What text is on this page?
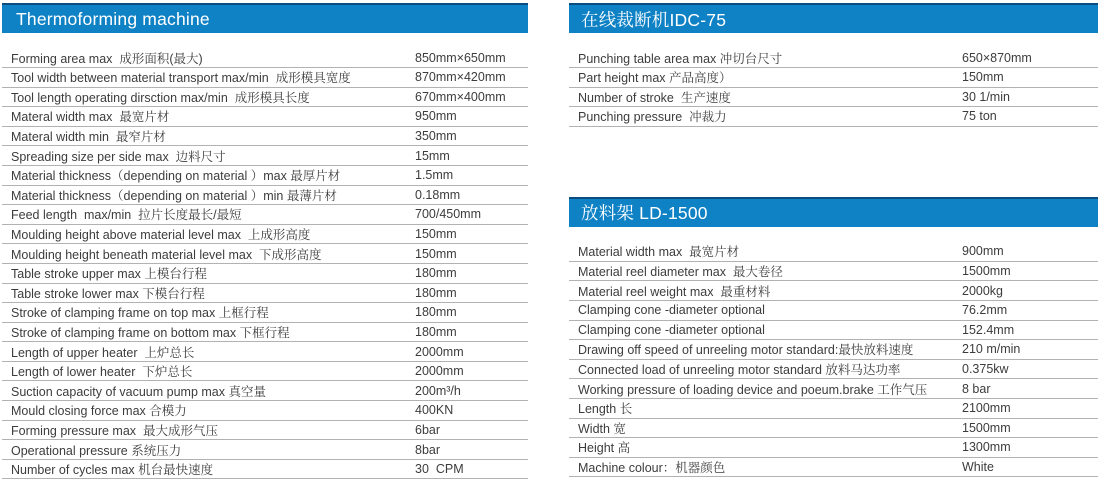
Thermoforming machine
Forming area max  成形面积(最大)	850mm×650mm
Tool width between material transport max/min  成形模具宽度	870mm×420mm
Tool length operating dirsction max/min  成形模具长度	670mm×400mm
Materal width max  最宽片材	950mm
Materal width min  最窄片材	350mm
Spreading size per side max  边料尺寸	15mm
Material thickness（depending on material ）max 最厚片材	1.5mm
Material thickness（depending on material ）min 最薄片材	0.18mm
Feed length  max/min  拉片长度最长/最短	700/450mm
Moulding height above material level max  上成形高度	150mm
Moulding height beneath material level max  下成形高度	150mm
Table stroke upper max 上模台行程	180mm
Table stroke lower max 下模台行程	180mm
Stroke of clamping frame on top max 上框行程	180mm
Stroke of clamping frame on bottom max 下框行程	180mm
Length of upper heater  上炉总长	2000mm
Length of lower heater  下炉总长	2000mm
Suction capacity of vacuum pump max 真空量	200m³/h
Mould closing force max 合模力	400KN
Forming pressure max  最大成形气压	6bar
Operational pressure 系统压力	8bar
Number of cycles max 机台最快速度	30  CPM
在线裁断机IDC-75
Punching table area max 冲切台尺寸	650×870mm
Part height max 产品高度）	150mm
Number of stroke  生产速度	30 1/min
Punching pressure  冲裁力	75 ton
放料架 LD-1500
Material width max  最宽片材	900mm
Material reel diameter max  最大卷径	1500mm
Material reel weight max  最重材料	2000kg
Clamping cone -diameter optional	76.2mm
Clamping cone -diameter optional	152.4mm
Drawing off speed of unreeling motor standard:最快放料速度	210 m/min
Connected load of unreeling motor standard 放料马达功率	0.375kw
Working pressure of loading device and poeum.brake 工作气压	8 bar
Length 长	2100mm
Width 宽	1500mm
Height 高	1300mm
Machine colour：机器颜色	White
